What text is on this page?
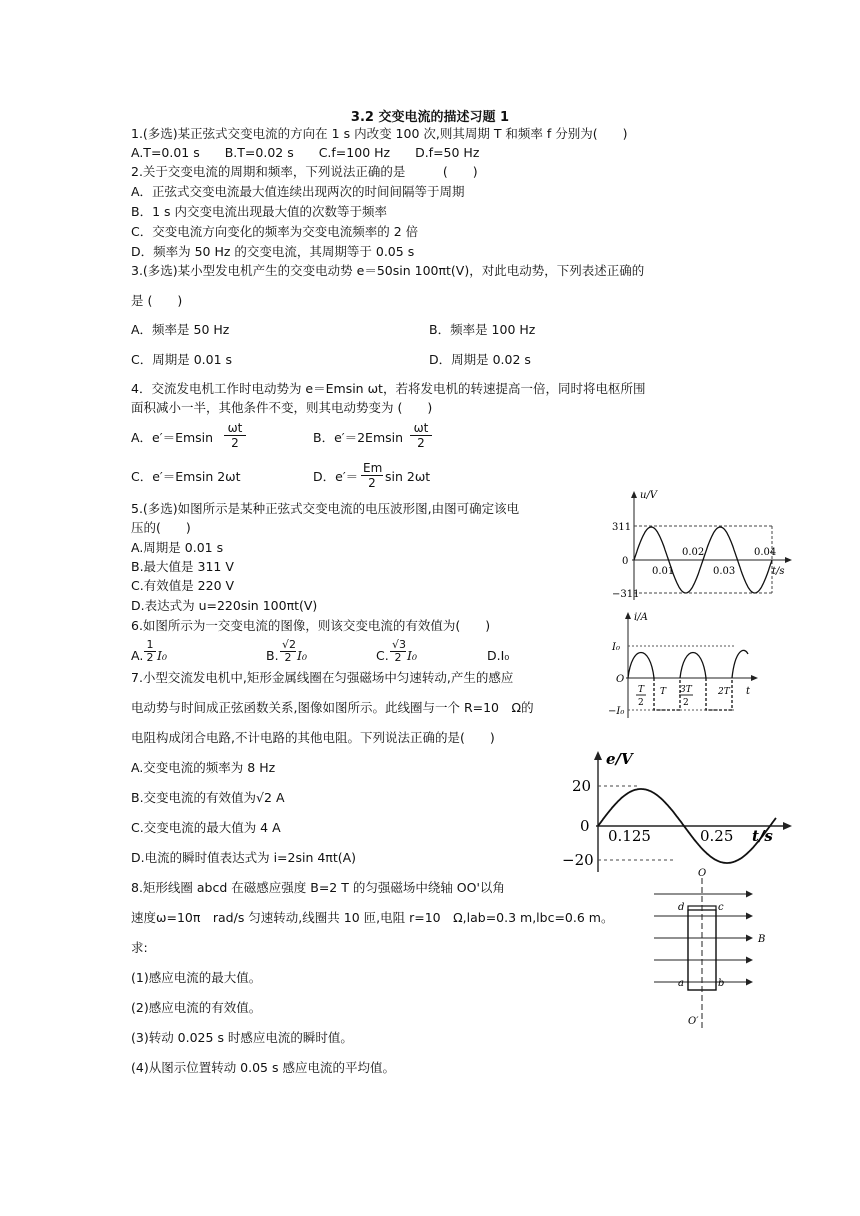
3.2 交变电流的描述习题 1
1.(多选)某正弦式交变电流的方向在 1 s 内改变 100 次,则其周期 T 和频率 f 分别为(　　)
A.T=0.01 s　　B.T=0.02 s　　C.f=100 Hz　　D.f=50 Hz
2.关于交变电流的周期和频率，下列说法正确的是　　　(　　)
A．正弦式交变电流最大值连续出现两次的时间间隔等于周期
B．1 s 内交变电流出现最大值的次数等于频率
C．交变电流方向变化的频率为交变电流频率的 2 倍
D．频率为 50 Hz 的交变电流，其周期等于 0.05 s
3.(多选)某小型发电机产生的交变电动势 e＝50sin 100πt(V)，对此电动势，下列表述正确的
是 (　　)
A．频率是 50 Hz	B．频率是 100 Hz
C．周期是 0.01 s	D．周期是 0.02 s
4．交流发电机工作时电动势为 e＝Emsin ωt，若将发电机的转速提高一倍，同时将电枢所围
面积减小一半，其他条件不变，则其电动势变为 (　　)
A．$e'=Emsin \frac{\omega t}{2}$	B．$e'=2Emsin \frac{\omega t}{2}$
C．e′＝Emsin 2ωt	D．$e'= \frac{Em}{2}$ sin 2ωt
5.(多选)如图所示是某种正弦式交变电流的电压波形图,由图可确定该电
压的(　　)
A.周期是 0.01 s
B.最大值是 311 V
C.有效值是 220 V
D.表达式为 u=220sin 100πt(V)
u/V
311
−311
0
0.01
0.02
0.03
0.04
t/s
6.如图所示为一交变电流的图像，则该交变电流的有效值为(　　)
A. $\frac{1}{2} I_0$	B. $\frac{√2}{2} I_0$	C. $\frac{√3}{2} I_0$	D.I₀
i/A
I₀
−I₀
O
T
2
T 3T
2
2T t
7.小型交流发电机中,矩形金属线圈在匀强磁场中匀速转动,产生的感应
电动势与时间成正弦函数关系,图像如图所示。此线圈与一个 R=10　Ω的
电阻构成闭合电路,不计电路的其他电阻。下列说法正确的是(　　)
A.交变电流的频率为 8 Hz
B.交变电流的有效值为√2 A
C.交变电流的最大值为 4 A
D.电流的瞬时值表达式为 i=2sin 4πt(A)
e/V
20
−20
0
0.125	0.25 t/s
8.矩形线圈 abcd 在磁感应强度 B=2 T 的匀强磁场中绕轴 OO'以角
速度ω=10π　rad/s 匀速转动,线圈共 10 匝,电阻 r=10　Ω,lab=0.3 m,lbc=0.6 m。
求:
(1)感应电流的最大值。
(2)感应电流的有效值。
(3)转动 0.025 s 时感应电流的瞬时值。
(4)从图示位置转动 0.05 s 感应电流的平均值。
O
O′
d	c
a	b
B
